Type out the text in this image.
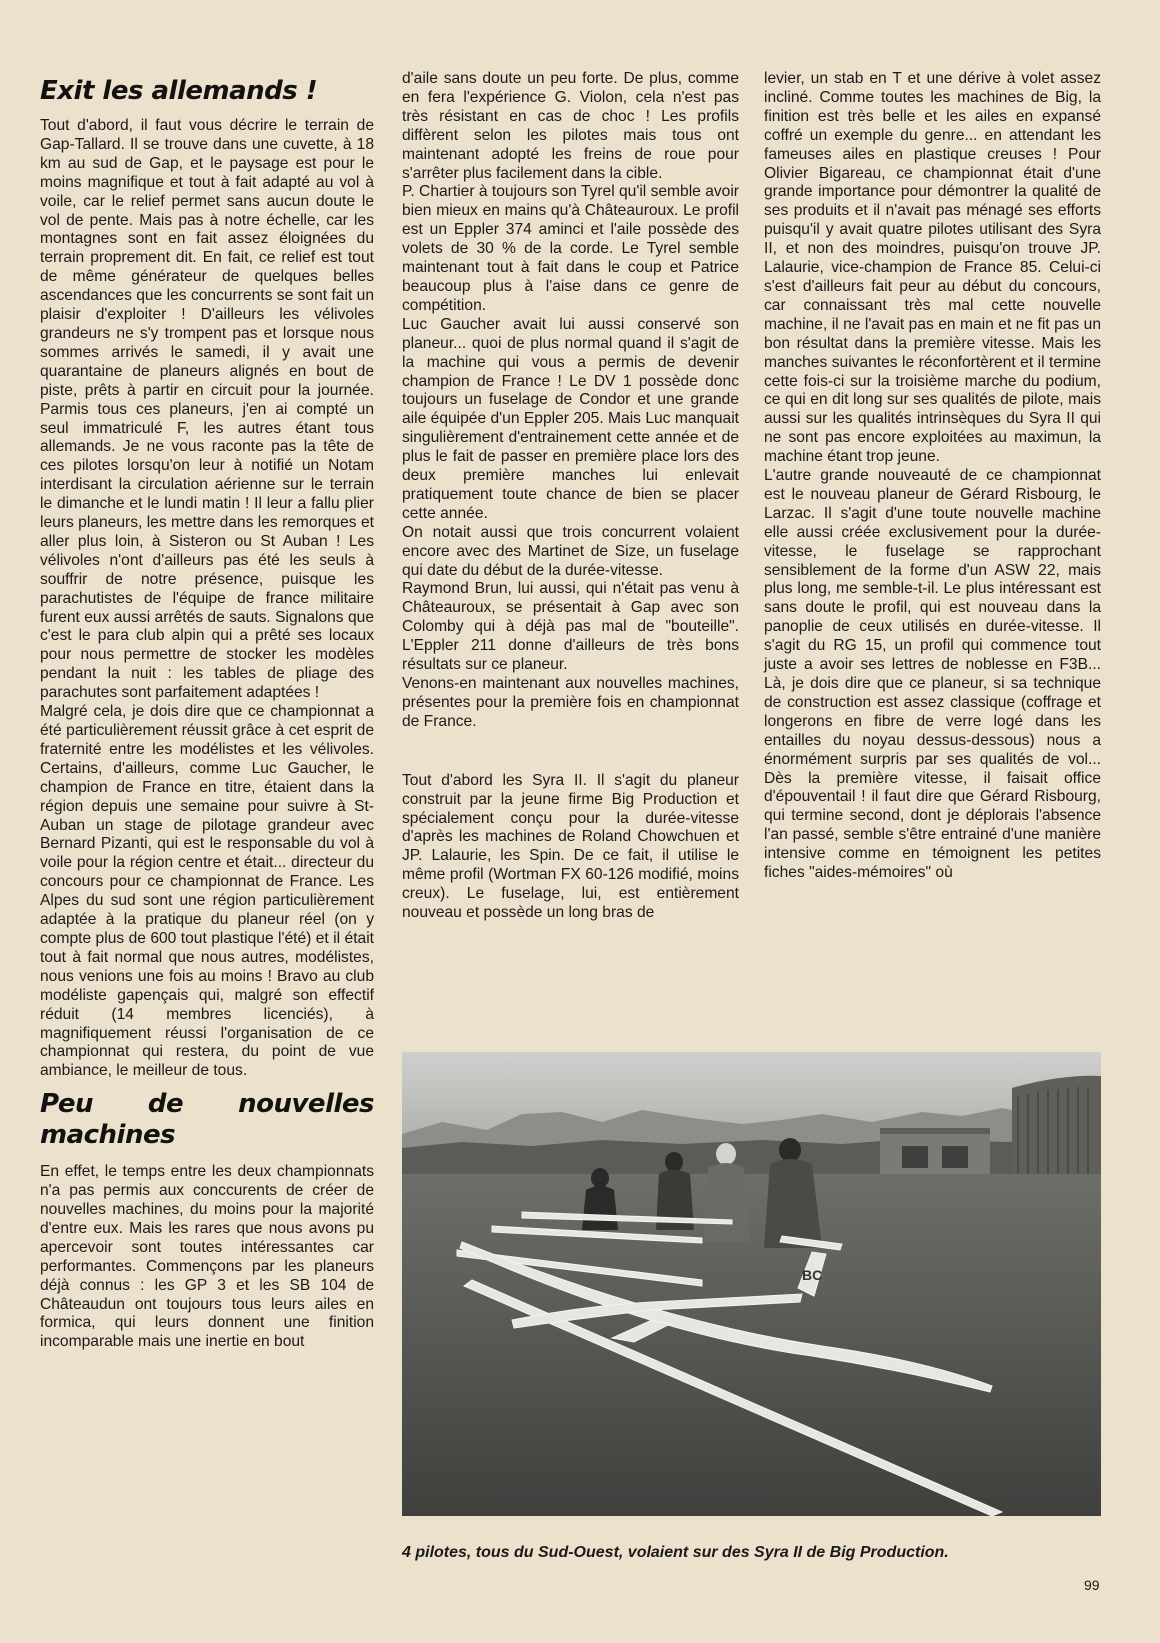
Exit les allemands !

Tout d'abord, il faut vous décrire le terrain de Gap-Tallard. Il se trouve dans une cuvette, à 18 km au sud de Gap, et le paysage est pour le moins magnifique et tout à fait adapté au vol à voile, car le relief permet sans aucun doute le vol de pente. Mais pas à notre échelle, car les montagnes sont en fait assez éloignées du terrain proprement dit. En fait, ce relief est tout de même générateur de quelques belles ascendances que les concurrents se sont fait un plaisir d'exploiter ! D'ailleurs les vélivoles grandeurs ne s'y trompent pas et lorsque nous sommes arrivés le samedi, il y avait une quarantaine de planeurs alignés en bout de piste, prêts à partir en circuit pour la journée. Parmis tous ces planeurs, j'en ai compté un seul immatriculé F, les autres étant tous allemands. Je ne vous raconte pas la tête de ces pilotes lorsqu'on leur à notifié un Notam interdisant la circulation aérienne sur le terrain le dimanche et le lundi matin ! Il leur a fallu plier leurs planeurs, les mettre dans les remorques et aller plus loin, à Sisteron ou St Auban ! Les vélivoles n'ont d'ailleurs pas été les seuls à souffrir de notre présence, puisque les parachutistes de l'équipe de france militaire furent eux aussi arrêtés de sauts. Signalons que c'est le para club alpin qui a prêté ses locaux pour nous permettre de stocker les modèles pendant la nuit : les tables de pliage des parachutes sont parfaitement adaptées !

Malgré cela, je dois dire que ce championnat a été particulièrement réussit grâce à cet esprit de fraternité entre les modélistes et les vélivoles. Certains, d'ailleurs, comme Luc Gaucher, le champion de France en titre, étaient dans la région depuis une semaine pour suivre à St-Auban un stage de pilotage grandeur avec Bernard Pizanti, qui est le responsable du vol à voile pour la région centre et était... directeur du concours pour ce championnat de France. Les Alpes du sud sont une région particulièrement adaptée à la pratique du planeur réel (on y compte plus de 600 tout plastique l'été) et il était tout à fait normal que nous autres, modélistes, nous venions une fois au moins ! Bravo au club modéliste gapençais qui, malgré son effectif réduit (14 membres licenciés), à magnifiquement réussi l'organisation de ce championnat qui restera, du point de vue ambiance, le meilleur de tous.

Peu de nouvelles machines

En effet, le temps entre les deux championnats n'a pas permis aux conccurents de créer de nouvelles machines, du moins pour la majorité d'entre eux. Mais les rares que nous avons pu apercevoir sont toutes intéressantes car performantes. Commençons par les planeurs déjà connus : les GP 3 et les SB 104 de Châteaudun ont toujours tous leurs ailes en formica, qui leurs donnent une finition incomparable mais une inertie en bout

d'aile sans doute un peu forte. De plus, comme en fera l'expérience G. Violon, cela n'est pas très résistant en cas de choc ! Les profils diffèrent selon les pilotes mais tous ont maintenant adopté les freins de roue pour s'arrêter plus facilement dans la cible.

P. Chartier à toujours son Tyrel qu'il semble avoir bien mieux en mains qu'à Châteauroux. Le profil est un Eppler 374 aminci et l'aile possède des volets de 30 % de la corde. Le Tyrel semble maintenant tout à fait dans le coup et Patrice beaucoup plus à l'aise dans ce genre de compétition.

Luc Gaucher avait lui aussi conservé son planeur... quoi de plus normal quand il s'agit de la machine qui vous a permis de devenir champion de France ! Le DV 1 possède donc toujours un fuselage de Condor et une grande aile équipée d'un Eppler 205. Mais Luc manquait singulièrement d'entrainement cette année et de plus le fait de passer en première place lors des deux première manches lui enlevait pratiquement toute chance de bien se placer cette année.

On notait aussi que trois concurrent volaient encore avec des Martinet de Size, un fuselage qui date du début de la durée-vitesse.

Raymond Brun, lui aussi, qui n'était pas venu à Châteauroux, se présentait à Gap avec son Colomby qui à déjà pas mal de "bouteille". L'Eppler 211 donne d'ailleurs de très bons résultats sur ce planeur.

Venons-en maintenant aux nouvelles machines, présentes pour la première fois en championnat de France.

Tout d'abord les Syra II. Il s'agit du planeur construit par la jeune firme Big Production et spécialement conçu pour la durée-vitesse d'après les machines de Roland Chowchuen et JP. Lalaurie, les Spin. De ce fait, il utilise le même profil (Wortman FX 60-126 modifié, moins creux). Le fuselage, lui, est entièrement nouveau et possède un long bras de

levier, un stab en T et une dérive à volet assez incliné. Comme toutes les machines de Big, la finition est très belle et les ailes en expansé coffré un exemple du genre... en attendant les fameuses ailes en plastique creuses ! Pour Olivier Bigareau, ce championnat était d'une grande importance pour démontrer la qualité de ses produits et il n'avait pas ménagé ses efforts puisqu'il y avait quatre pilotes utilisant des Syra II, et non des moindres, puisqu'on trouve JP. Lalaurie, vice-champion de France 85. Celui-ci s'est d'ailleurs fait peur au début du concours, car connaissant très mal cette nouvelle machine, il ne l'avait pas en main et ne fit pas un bon résultat dans la première vitesse. Mais les manches suivantes le réconfortèrent et il termine cette fois-ci sur la troisième marche du podium, ce qui en dit long sur ses qualités de pilote, mais aussi sur les qualités intrinsèques du Syra II qui ne sont pas encore exploitées au maximun, la machine étant trop jeune.

L'autre grande nouveauté de ce championnat est le nouveau planeur de Gérard Risbourg, le Larzac. Il s'agit d'une toute nouvelle machine elle aussi créée exclusivement pour la durée-vitesse, le fuselage se rapprochant sensiblement de la forme d'un ASW 22, mais plus long, me semble-t-il. Le plus intéressant est sans doute le profil, qui est nouveau dans la panoplie de ceux utilisés en durée-vitesse. Il s'agit du RG 15, un profil qui commence tout juste a avoir ses lettres de noblesse en F3B... Là, je dois dire que ce planeur, si sa technique de construction est assez classique (coffrage et longerons en fibre de verre logé dans les entailles du noyau dessus-dessous) nous a énormément surpris par ses qualités de vol... Dès la première vitesse, il faisait office d'épouventail ! il faut dire que Gérard Risbourg, qui termine second, dont je déplorais l'absence l'an passé, semble s'être entrainé d'une manière intensive comme en témoignent les petites fiches "aides-mémoires" où

BC
4 pilotes, tous du Sud-Ouest, volaient sur des Syra II de Big Production.
99
